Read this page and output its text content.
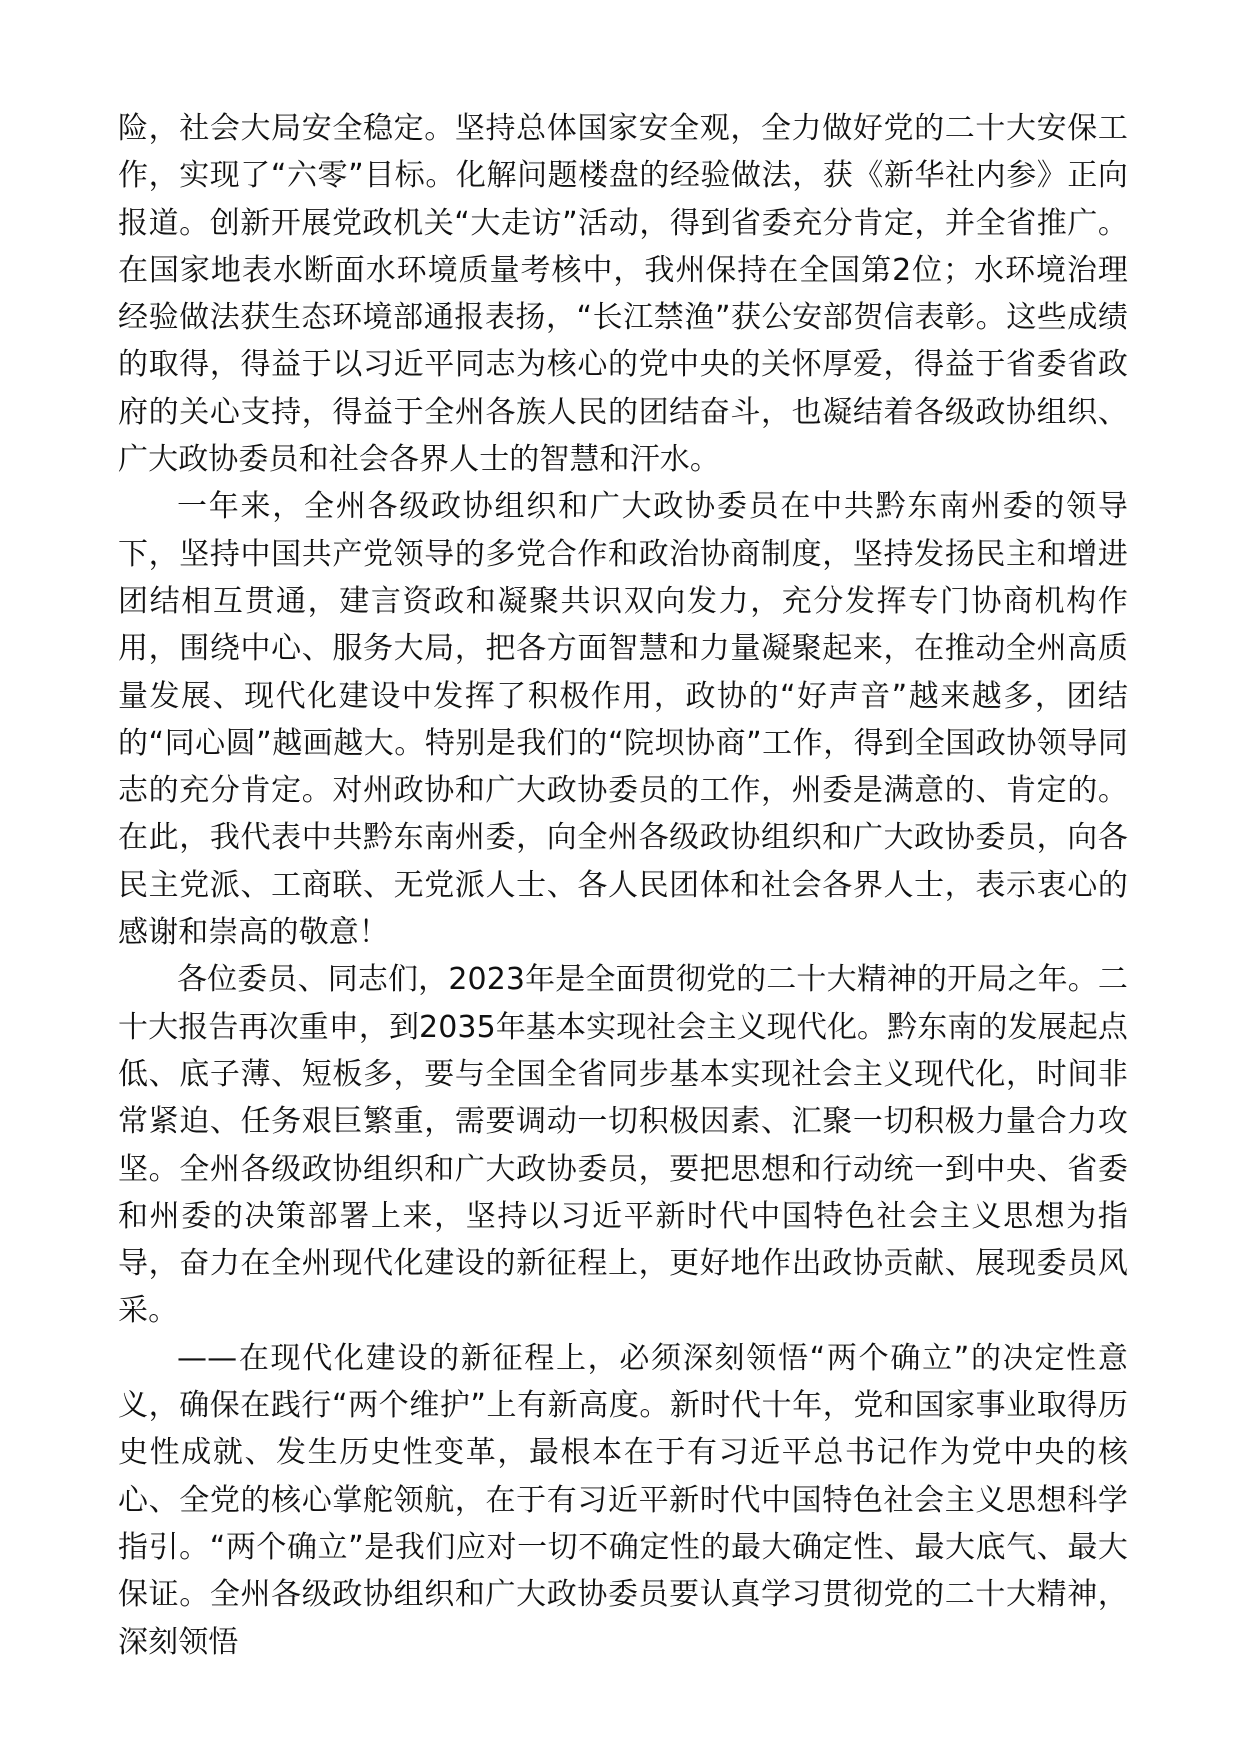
险，社会大局安全稳定。坚持总体国家安全观，全力做好党的二十大安保工作，实现了“六零”目标。化解问题楼盘的经验做法，获《新华社内参》正向报道。创新开展党政机关“大走访”活动，得到省委充分肯定，并全省推广。在国家地表水断面水环境质量考核中，我州保持在全国第2位；水环境治理经验做法获生态环境部通报表扬，“长江禁渔”获公安部贺信表彰。这些成绩的取得，得益于以习近平同志为核心的党中央的关怀厚爱，得益于省委省政府的关心支持，得益于全州各族人民的团结奋斗，也凝结着各级政协组织、广大政协委员和社会各界人士的智慧和汗水。

一年来，全州各级政协组织和广大政协委员在中共黔东南州委的领导下，坚持中国共产党领导的多党合作和政治协商制度，坚持发扬民主和增进团结相互贯通，建言资政和凝聚共识双向发力，充分发挥专门协商机构作用，围绕中心、服务大局，把各方面智慧和力量凝聚起来，在推动全州高质量发展、现代化建设中发挥了积极作用，政协的“好声音”越来越多，团结的“同心圆”越画越大。特别是我们的“院坝协商”工作，得到全国政协领导同志的充分肯定。对州政协和广大政协委员的工作，州委是满意的、肯定的。在此，我代表中共黔东南州委，向全州各级政协组织和广大政协委员，向各民主党派、工商联、无党派人士、各人民团体和社会各界人士，表示衷心的感谢和崇高的敬意！

各位委员、同志们，2023年是全面贯彻党的二十大精神的开局之年。二十大报告再次重申，到2035年基本实现社会主义现代化。黔东南的发展起点低、底子薄、短板多，要与全国全省同步基本实现社会主义现代化，时间非常紧迫、任务艰巨繁重，需要调动一切积极因素、汇聚一切积极力量合力攻坚。全州各级政协组织和广大政协委员，要把思想和行动统一到中央、省委和州委的决策部署上来，坚持以习近平新时代中国特色社会主义思想为指导，奋力在全州现代化建设的新征程上，更好地作出政协贡献、展现委员风采。

——在现代化建设的新征程上，必须深刻领悟“两个确立”的决定性意义，确保在践行“两个维护”上有新高度。新时代十年，党和国家事业取得历史性成就、发生历史性变革，最根本在于有习近平总书记作为党中央的核心、全党的核心掌舵领航，在于有习近平新时代中国特色社会主义思想科学指引。“两个确立”是我们应对一切不确定性的最大确定性、最大底气、最大保证。全州各级政协组织和广大政协委员要认真学习贯彻党的二十大精神，深刻领悟
